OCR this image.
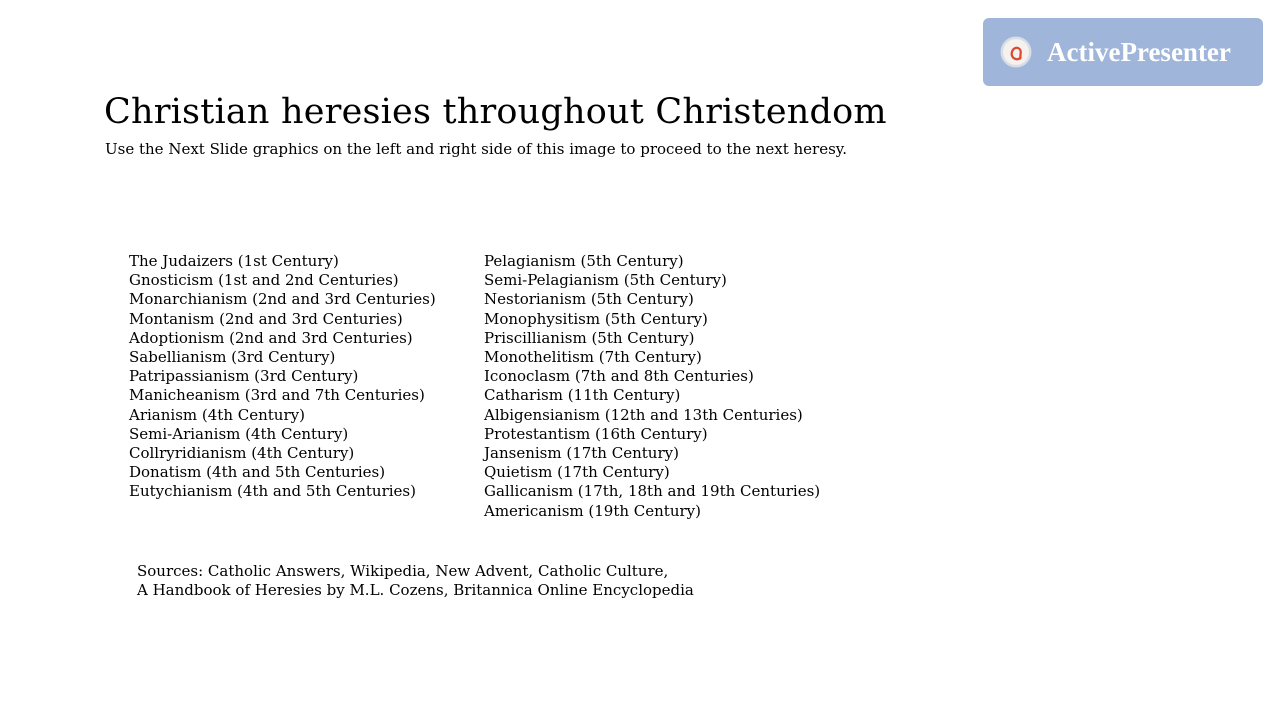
ActivePresenter
Christian heresies throughout Christendom

Use the Next Slide graphics on the left and right side of this image to proceed to the next heresy.

The Judaizers (1st Century)
Gnosticism (1st and 2nd Centuries)
Monarchianism (2nd and 3rd Centuries)
Montanism (2nd and 3rd Centuries)
Adoptionism (2nd and 3rd Centuries)
Sabellianism (3rd Century)
Patripassianism (3rd Century)
Manicheanism (3rd and 7th Centuries)
Arianism (4th Century)
Semi-Arianism (4th Century)
Collryridianism (4th Century)
Donatism (4th and 5th Centuries)
Eutychianism (4th and 5th Centuries)
Pelagianism (5th Century)
Semi-Pelagianism (5th Century)
Nestorianism (5th Century)
Monophysitism (5th Century)
Priscillianism (5th Century)
Monothelitism (7th Century)
Iconoclasm (7th and 8th Centuries)
Catharism (11th Century)
Albigensianism (12th and 13th Centuries)
Protestantism (16th Century)
Jansenism (17th Century)
Quietism (17th Century)
Gallicanism (17th, 18th and 19th Centuries)
Americanism (19th Century)
Sources: Catholic Answers, Wikipedia, New Advent, Catholic Culture,
A Handbook of Heresies by M.L. Cozens, Britannica Online Encyclopedia
